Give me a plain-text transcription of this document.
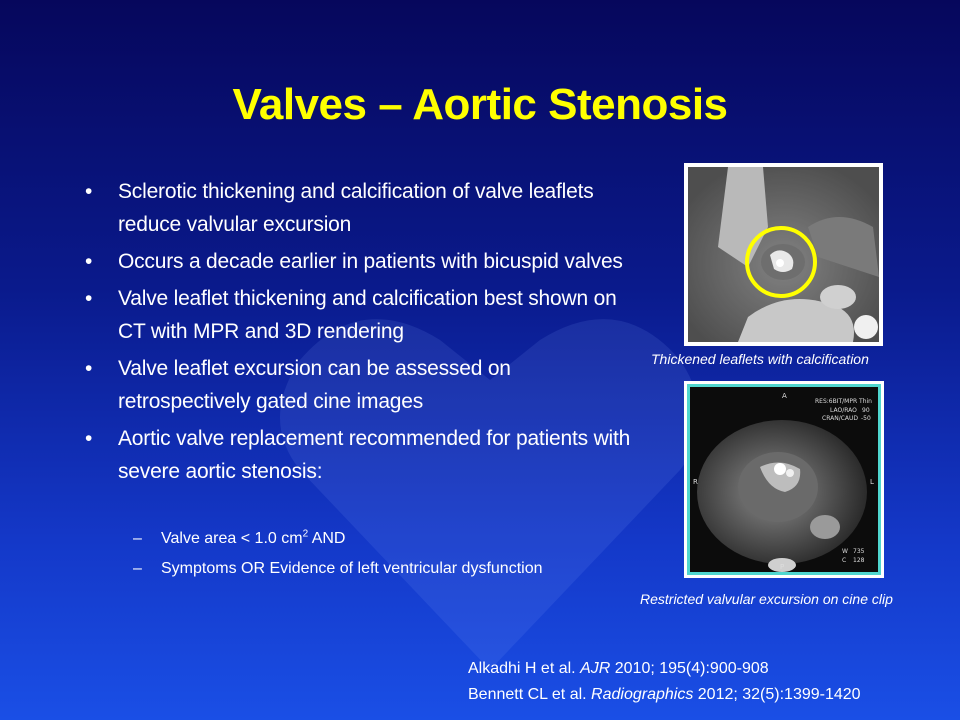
Valves – Aortic Stenosis
• Sclerotic thickening and calcification of valve leaflets reduce valvular excursion
• Occurs a decade earlier in patients with bicuspid valves
• Valve leaflet thickening and calcification best shown on CT with MPR and 3D rendering
• Valve leaflet excursion can be assessed on retrospectively gated cine images
• Aortic valve replacement recommended for patients with severe aortic stenosis:
– Valve area < 1.0 $cm^2$ AND
– Symptoms OR Evidence of left ventricular dysfunction
Thickened leaflets with calcification
A
RES:6BIT/MPR Thin
LAO/RAO 90
CRAN/CAUD -50
R	L
P
W 735
C 128
Restricted valvular excursion on cine clip
Alkadhi H et al. AJR 2010; 195(4):900-908
Bennett CL et al. Radiographics 2012; 32(5):1399-1420
